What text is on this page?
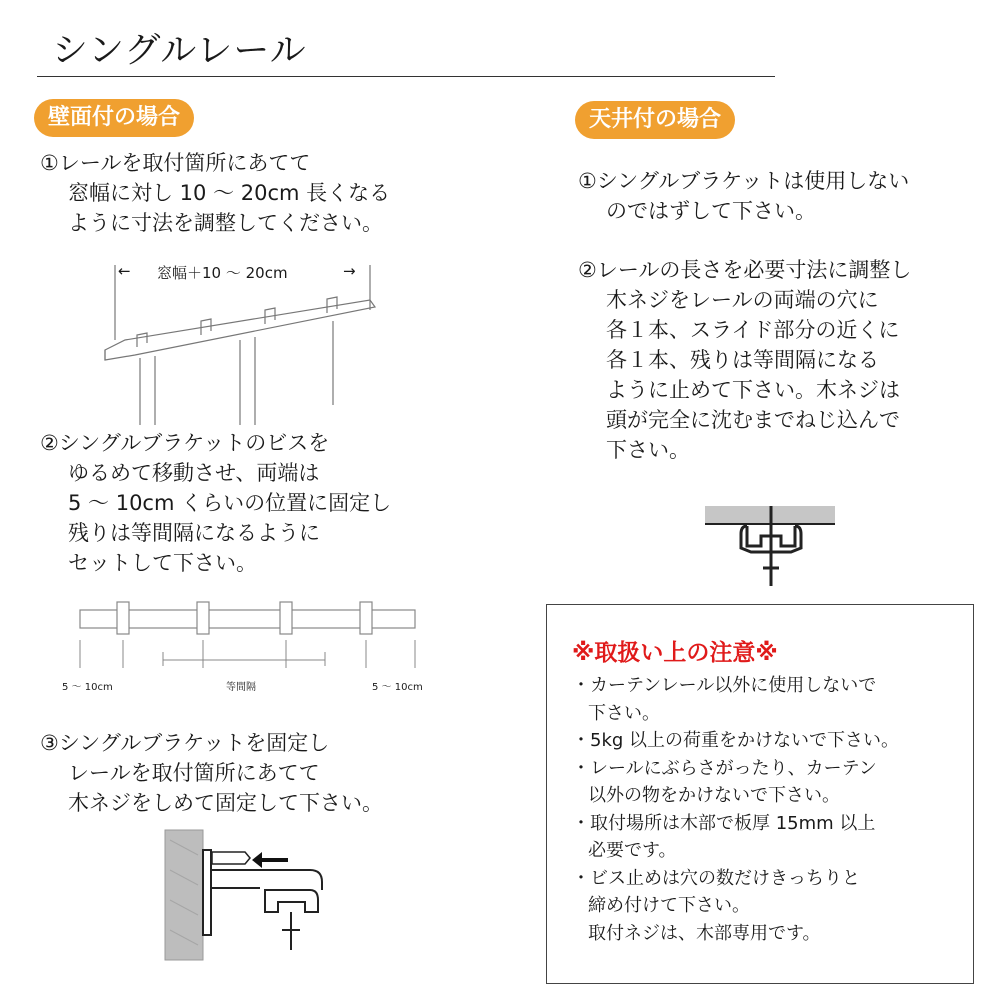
シングルレール
壁面付の場合
①レールを取付箇所にあてて
窓幅に対し 10 ～ 20cm 長くなる
ように寸法を調整してください。
← 窓幅＋10 ～ 20cm	→
②シングルブラケットのビスを
ゆるめて移動させ、両端は
5 ～ 10cm くらいの位置に固定し
残りは等間隔になるように
セットして下さい。
5 ～ 10cm	等間隔	5 ～ 10cm
③シングルブラケットを固定し
レールを取付箇所にあてて
木ネジをしめて固定して下さい。
天井付の場合
①シングルブラケットは使用しない
のではずして下さい。
②レールの長さを必要寸法に調整し
木ネジをレールの両端の穴に
各１本、スライド部分の近くに
各１本、残りは等間隔になる
ように止めて下さい。木ネジは
頭が完全に沈むまでねじ込んで
下さい。
※取扱い上の注意※
・カーテンレール以外に使用しないで
下さい。
・5kg 以上の荷重をかけないで下さい。
・レールにぶらさがったり、カーテン
以外の物をかけないで下さい。
・取付場所は木部で板厚 15mm 以上
必要です。
・ビス止めは穴の数だけきっちりと
締め付けて下さい。
取付ネジは、木部専用です。
